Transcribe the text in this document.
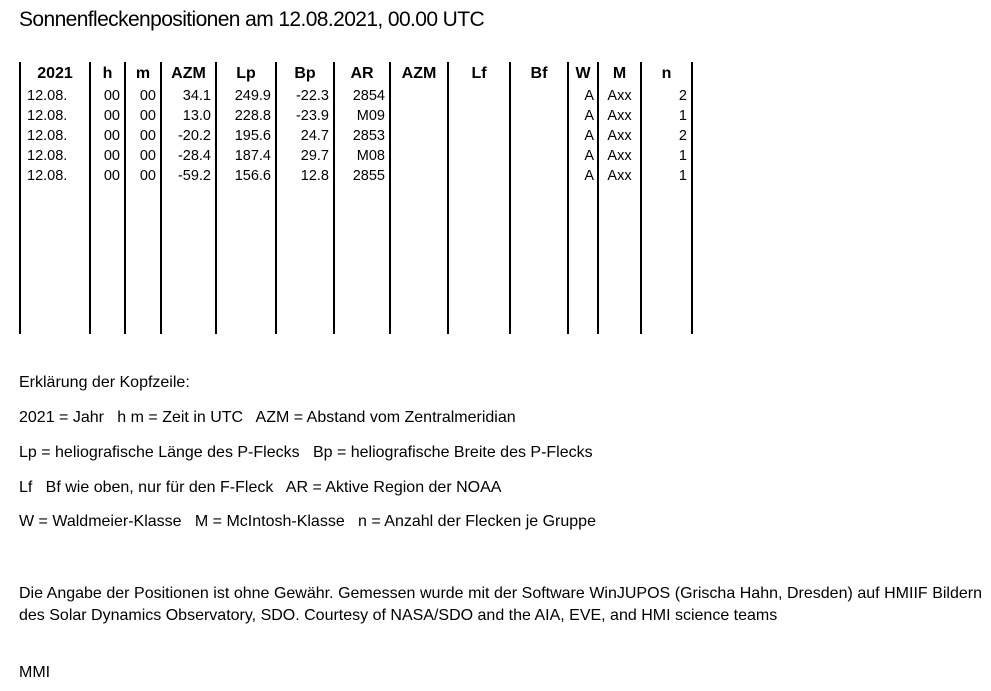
Sonnenfleckenpositionen am 12.08.2021, 00.00 UTC
2021	h	m	AZM	Lp	Bp	AR	AZM	Lf	Bf	W	M	n
12.08.	00	00	34.1	249.9	-22.3	2854				A	Axx	2
12.08.	00	00	13.0	228.8	-23.9	M09				A	Axx	1
12.08.	00	00	-20.2	195.6	24.7	2853				A	Axx	2
12.08.	00	00	-28.4	187.4	29.7	M08				A	Axx	1
12.08.	00	00	-59.2	156.6	12.8	2855				A	Axx	1

Erklärung der Kopfzeile:
2021 = Jahr   h m = Zeit in UTC   AZM = Abstand vom Zentralmeridian
Lp = heliografische Länge des P-Flecks   Bp = heliografische Breite des P-Flecks
Lf   Bf wie oben, nur für den F-Fleck   AR = Aktive Region der NOAA
W = Waldmeier-Klasse   M = McIntosh-Klasse   n = Anzahl der Flecken je Gruppe
Die Angabe der Positionen ist ohne Gewähr. Gemessen wurde mit der Software WinJUPOS (Grischa Hahn, Dresden) auf HMIIF Bildern des Solar Dynamics Observatory, SDO. Courtesy of NASA/SDO and the AIA, EVE, and HMI science teams
MMI
